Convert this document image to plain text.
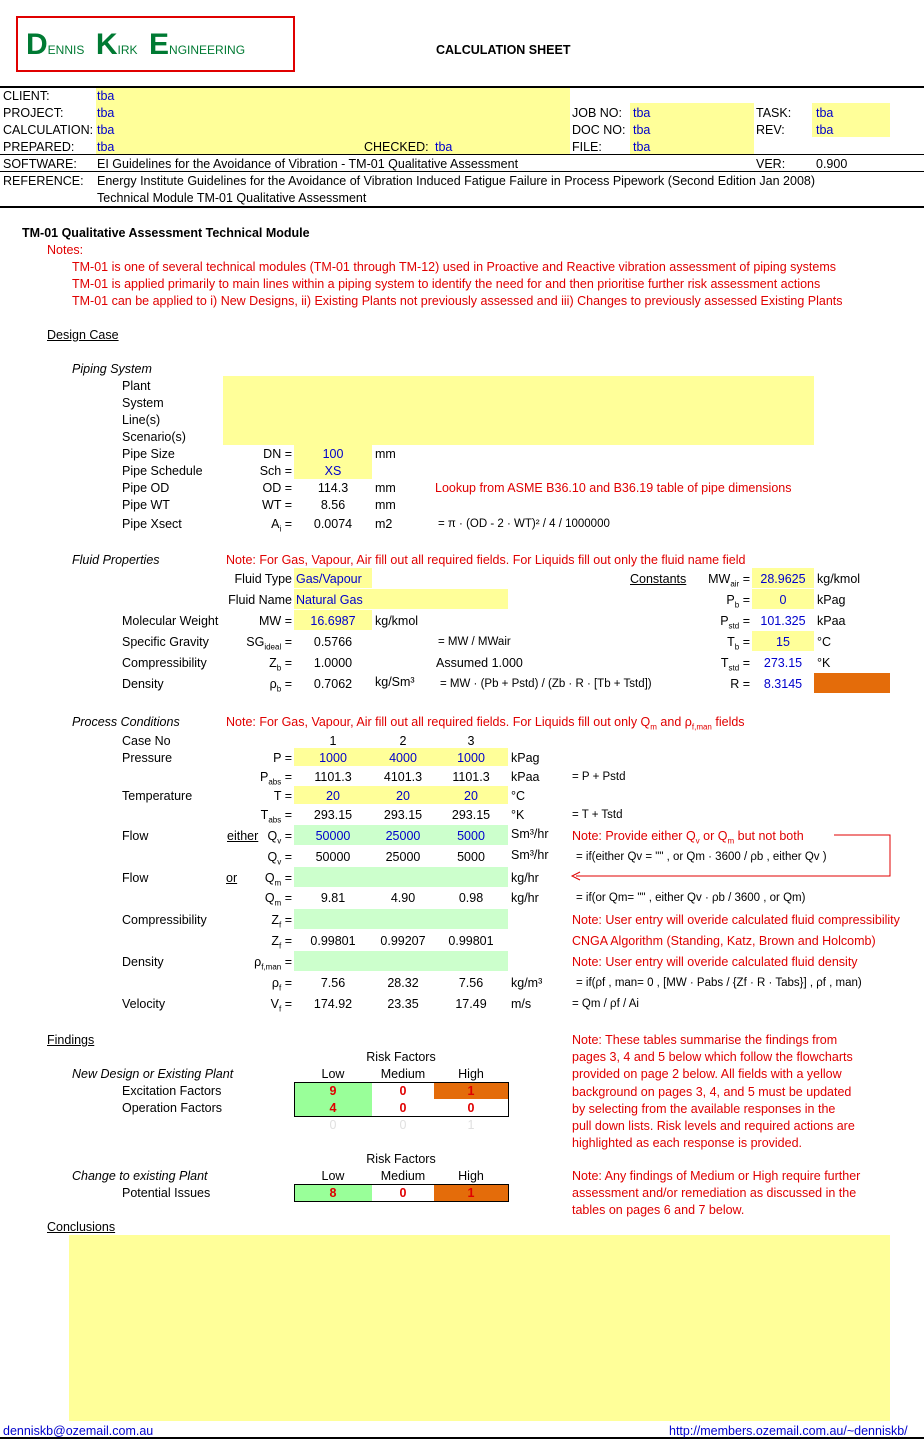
DENNIS KIRK ENGINEERING	CALCULATION SHEET
CLIENT:	tba
PROJECT:	tba
CALCULATION: tba
PREPARED: tba	CHECKED: tba
JOB NO: tba
DOC NO: tba
FILE: tba
TASK: tba
REV:	tba
SOFTWARE: EI Guidelines for the Avoidance of Vibration - TM-01 Qualitative Assessment	VER: 0.900
REFERENCE: Energy Institute Guidelines for the Avoidance of Vibration Induced Fatigue Failure in Process Pipework (Second Edition Jan 2008)
Technical Module TM-01 Qualitative Assessment
TM-01 Qualitative Assessment Technical Module
Notes:
TM-01 is one of several technical modules (TM-01 through TM-12) used in Proactive and Reactive vibration assessment of piping systems
TM-01 is applied primarily to main lines within a piping system to identify the need for and then prioritise further risk assessment actions
TM-01 can be applied to i) New Designs, ii) Existing Plants not previously assessed and iii) Changes to previously assessed Existing Plants
Design Case
Piping System
Plant
System
Line(s)
Scenario(s)
Pipe Size	DN =	100	mm
Pipe Schedule	Sch =	XS
Pipe OD	OD =	114.3	mm	Lookup from ASME B36.10 and B36.19 table of pipe dimensions
Pipe WT	WT =	8.56	mm
Pipe Xsect	$A_i$ =	0.0074	m2	= π · (OD - 2 · WT)² / 4 / 1000000
Fluid Properties	Note: For Gas, Vapour, Air fill out all required fields. For Liquids fill out only the fluid name field
Fluid Type Gas/Vapour
Fluid Name Natural Gas
Molecular Weight	MW =	16.6987	kg/kmol
Specific Gravity	$SG_{ideal}$ =	0.5766	= MW / MWair
Compressibility	$Z_b$ =	1.0000	Assumed 1.000
Density	$\rho_b$ =	0.7062	kg/Sm³ = MW · (Pb + Pstd) / (Zb · R · [Tb + Tstd])
Constants	$MW_{air} = 28.9625$ kg/kmol
$P_b$ =	0	kPag
$P_{std} = 101.325$ kPaa
$T_b$ =	15	°C
$T_{std}$ =	273.15	°K
R =	8.3145
Process Conditions	Note: For Gas, Vapour, Air fill out all required fields. For Liquids fill out only $Q_m$ and $\rho_{f,man}$ fields
Case No	1	2	3
Pressure	P =	1000	4000	1000	kPag
$P_{abs}$ =	1101.3	4101.3	1101.3	kPaa	= P + Pstd
Temperature	T =	20	20	20	°C
$T_{abs}$ =	293.15	293.15	293.15	°K	= T + Tstd
Flow	either $Q_v$ =	50000	25000	5000	Sm³/hr Note: Provide either $Q_v$ or $Q_m$ but not both
$Q_v$ =	50000	25000	5000	Sm³/hr = if(either Qv = "" , or Qm · 3600 / ρb , either Qv )
Flow	or	$Q_m$ =	kg/hr
$Q_m$ =	9.81	4.90	0.98	kg/hr	= if(or Qm= "" , either Qv · ρb / 3600 , or Qm)
Compressibility	$Z_f$ =	Note: User entry will overide calculated fluid compressibility
$Z_f$ =	0.99801	0.99207	0.99801	CNGA Algorithm (Standing, Katz, Brown and Holcomb)
Density	$\rho_{f,man}$ =	Note: User entry will overide calculated fluid density
$\rho_f$ =	7.56	28.32	7.56	kg/m³	= if(ρf , man= 0 , [MW · Pabs / {Zf · R · Tabs}] , ρf , man)
Velocity	$V_f$ =	174.92	23.35	17.49	m/s	= Qm / ρf / Ai
Findings
Risk Factors
New Design or Existing Plant	Low	Medium	High
Excitation Factors	9	0	1
Operation Factors	4	0	0
0	0	1
Risk Factors
Change to existing Plant	Low	Medium	High
Potential Issues	8	0	1
Note: These tables summarise the findings from
pages 3, 4 and 5 below which follow the flowcharts
provided on page 2 below. All fields with a yellow
background on pages 3, 4, and 5 must be updated
by selecting from the available responses in the
pull down lists. Risk levels and required actions are
highlighted as each response is provided.
Note: Any findings of Medium or High require further
assessment and/or remediation as discussed in the
tables on pages 6 and 7 below.
Conclusions
denniskb@ozemail.com.au	http://members.ozemail.com.au/~denniskb/
